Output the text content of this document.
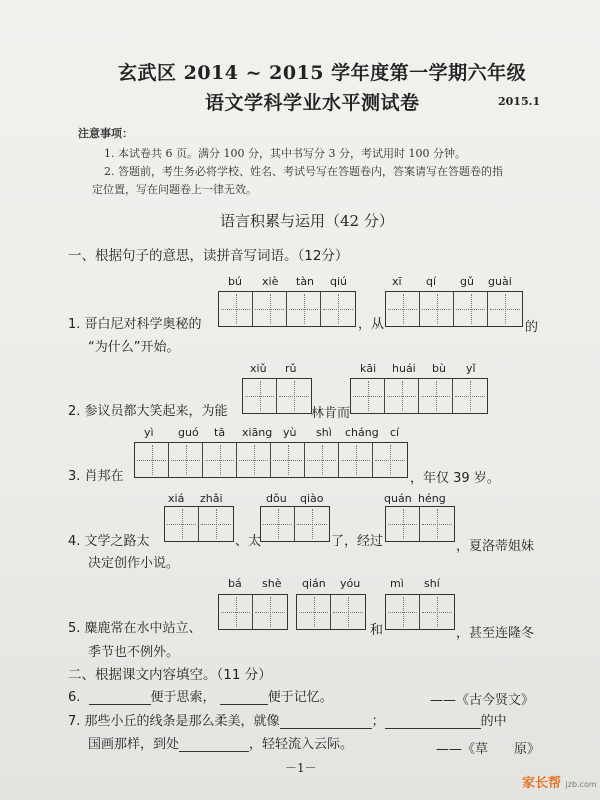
玄武区 2014 ~ 2015 学年度第一学期六年级
语文学科学业水平测试卷	2015.1
注意事项：
1. 本试卷共 6 页。满分 100 分，其中书写分 3 分，考试用时 100 分钟。
2. 答题前，考生务必将学校、姓名、考试号写在答题卷内，答案请写在答题卷的指
定位置，写在问题卷上一律无效。
语言积累与运用（42 分）
一、根据句子的意思，读拼音写词语。（12分）
bú xiè tàn qiú	xī qí gǔ guài
1. 哥白尼对科学奥秘的	，从	的
“为什么”开始。
xiǔ rǔ	kāi huái bù yǐ
2. 参议员都大笑起来，为能	林肯而
yì guó tā xiāng yù shì cháng cí
3. 肖邦在	，年仅 39 岁。
xiá zhǎi	dǒu qiào	quán héng
4. 文学之路太	、太	了，经过	，夏洛蒂姐妹
决定创作小说。
bá shè qián yóu	mì shí
5. 麋鹿常在水中站立、	和	，甚至连隆冬
季节也不例外。
二、根据课文内容填空。（11 分）
6.	便于思索，	便于记忆。	——《古今贤文》
7. 那些小丘的线条是那么柔美，就像	；	的中
国画那样，到处	，轻轻流入云际。	——《草　　原》
－1－
家长帮 jzb.com
